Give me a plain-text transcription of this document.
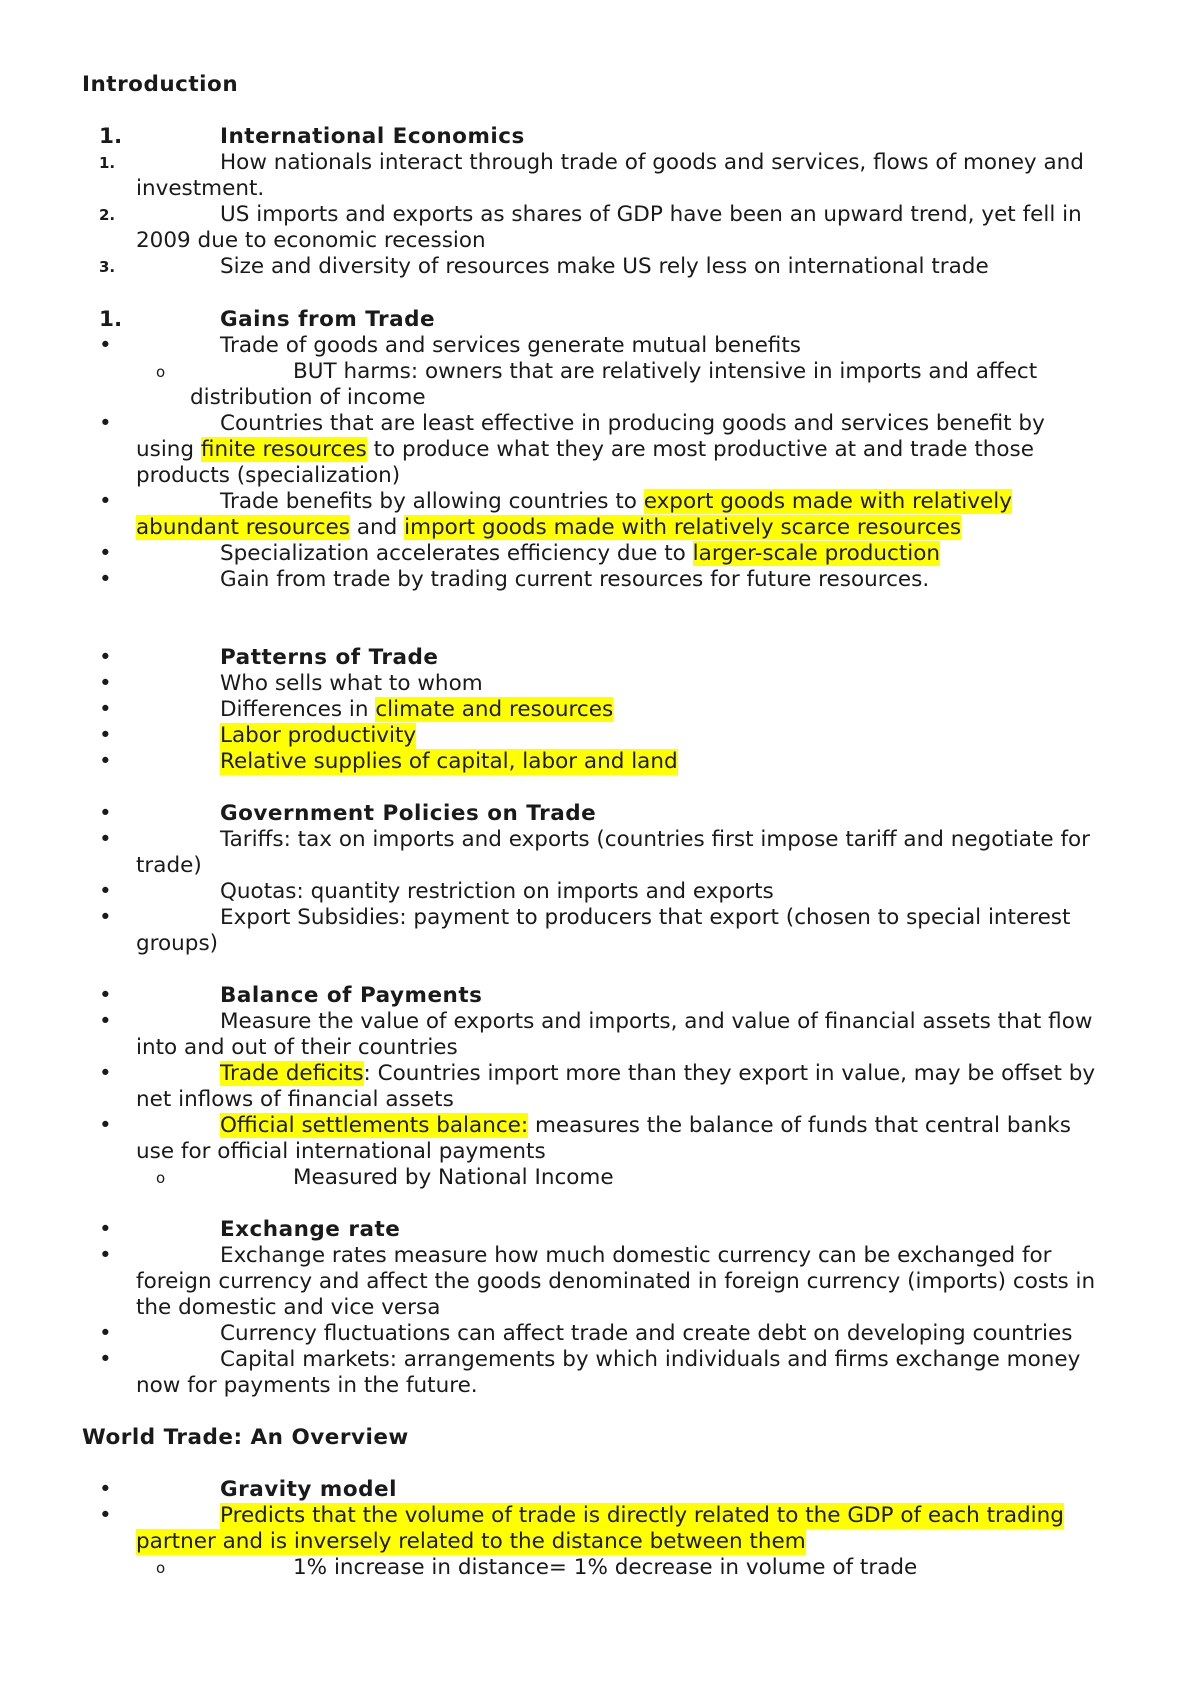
Introduction
1.	International Economics
1.	How nationals interact through trade of goods and services, flows of money and
investment.
2.	US imports and exports as shares of GDP have been an upward trend, yet fell in
2009 due to economic recession
3.	Size and diversity of resources make US rely less on international trade
1.	Gains from Trade
•	Trade of goods and services generate mutual benefits
o	BUT harms: owners that are relatively intensive in imports and affect
distribution of income
•	Countries that are least effective in producing goods and services benefit by
using finite resources to produce what they are most productive at and trade those
products (specialization)
•	Trade benefits by allowing countries to export goods made with relatively
abundant resources and import goods made with relatively scarce resources
•	Specialization accelerates efficiency due to larger-scale production
•	Gain from trade by trading current resources for future resources.
•	Patterns of Trade
•	Who sells what to whom
•	Differences in climate and resources
•	Labor productivity
•	Relative supplies of capital, labor and land
•	Government Policies on Trade
•	Tariffs: tax on imports and exports (countries first impose tariff and negotiate for
trade)
•	Quotas: quantity restriction on imports and exports
•	Export Subsidies: payment to producers that export (chosen to special interest
groups)
•	Balance of Payments
•	Measure the value of exports and imports, and value of financial assets that flow
into and out of their countries
•	Trade deficits: Countries import more than they export in value, may be offset by
net inflows of financial assets
•	Official settlements balance: measures the balance of funds that central banks
use for official international payments
o	Measured by National Income
•	Exchange rate
•	Exchange rates measure how much domestic currency can be exchanged for
foreign currency and affect the goods denominated in foreign currency (imports) costs in
the domestic and vice versa
•	Currency fluctuations can affect trade and create debt on developing countries
•	Capital markets: arrangements by which individuals and firms exchange money
now for payments in the future.
World Trade: An Overview
•	Gravity model
•	Predicts that the volume of trade is directly related to the GDP of each trading
partner and is inversely related to the distance between them
o	1% increase in distance= 1% decrease in volume of trade
